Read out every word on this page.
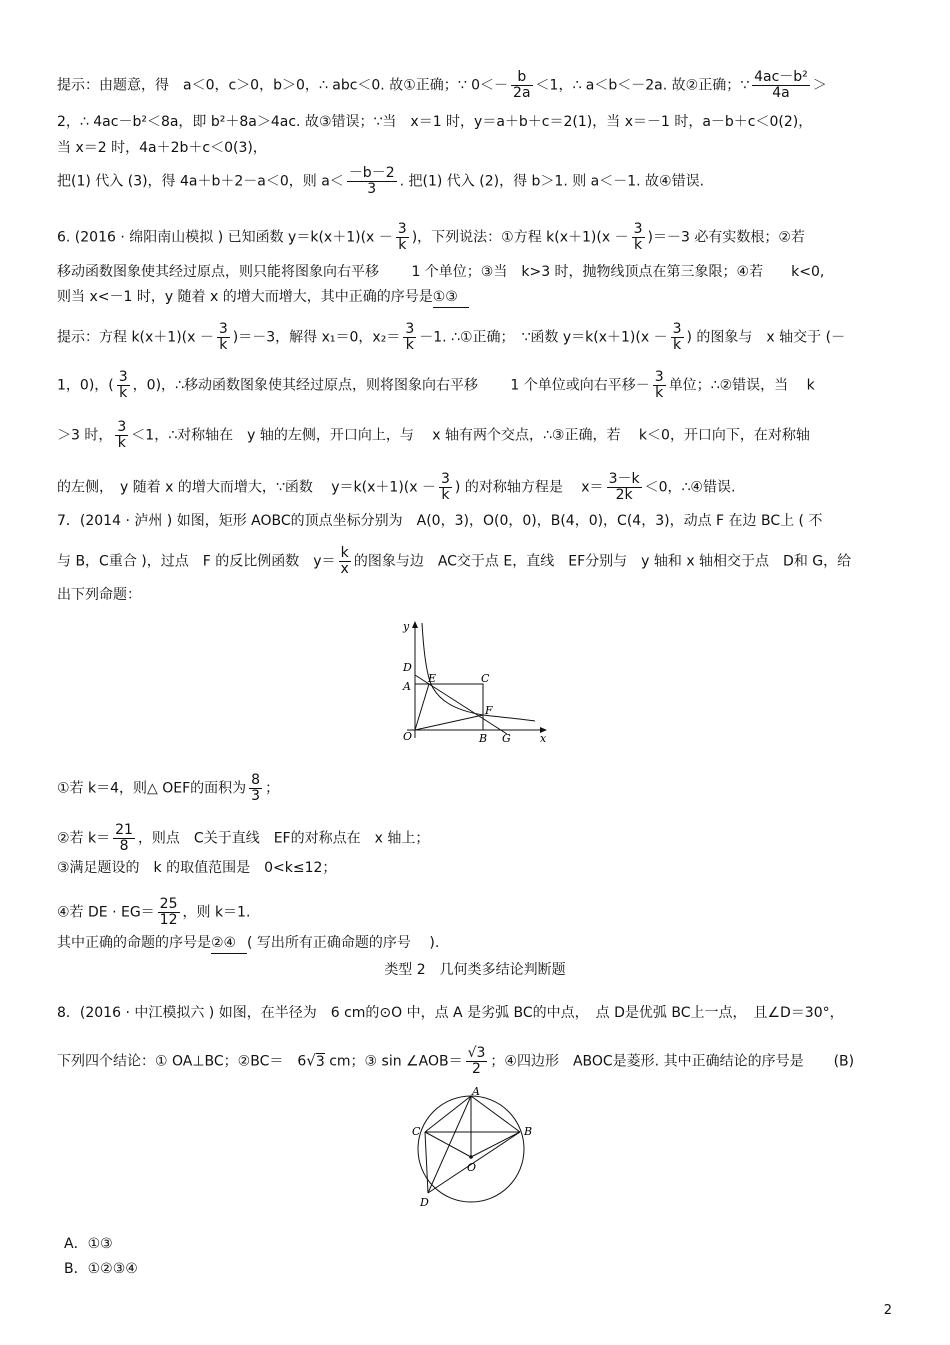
提示：由题意，得　a＜0，c＞0，b＞0，∴ abc＜0. 故①正确；∵ $0<- \frac{b}{2a} <1$，∴ a＜b＜－2a. 故②正确；∵ $\frac{\text{4ac－b²}}{4a}$ ＞
2，∴ 4ac－b²＜8a，即 b²＋8a＞4ac. 故③错误；∵当　x＝1 时，y＝a＋b＋c＝2(1)，当 x＝－1 时，a－b＋c＜0(2)，
当 x＝2 时，4a＋2b＋c＜0(3)，
把(1) 代入 (3)，得 4a＋b＋2－a＜0，则 $a< \frac{-b-2}{3}$ . 把(1) 代入 (2)，得 b＞1. 则 a＜－1. 故④错误.
6. (2016 · 绵阳南山模拟 ) 已知函数 $y=k(x+1)(x - \frac{3}{k}$ )，下列说法：①方程 $k(x+1)(x - \frac{3}{k} )=-3$ 必有实数根；②若
移动函数图象使其经过原点，则只能将图象向右平移　　 1 个单位；③当　k>3 时，抛物线顶点在第三象限；④若　　k<0,
则当 x<－1 时，y 随着 x 的增大而增大，其中正确的序号是①③
提示：方程 $k(x+1)(x - \frac{3}{k} )=-3$，解得 x₁＝0，$x_2= \frac{3}{k} -1$. ∴①正确；　∵函数 $y=k(x+1)(x - \frac{3}{k}$ ) 的图象与　x 轴交于 (－
1，0)，( $\frac{3}{k}$ ，0)，∴移动函数图象使其经过原点，则将图象向右平移　　 1 个单位或向右平移－ $\frac{3}{k}$ 单位；∴②错误，当　 k
＞3 时， $\frac{3}{k} <1$，∴对称轴在　y 轴的左侧，开口向上，与　 x 轴有两个交点，∴③正确，若　 k＜0，开口向下，在对称轴
的左侧，　y 随着 x 的增大而增大，∵函数　 $y=k(x+1)(x - \frac{3}{k}$ ) 的对称轴方程是　 $x= \frac{3-k}{2k} <0$，∴④错误.
7．(2014 · 泸州 ) 如图，矩形 AOBC的顶点坐标分别为　A(0，3)，O(0，0)，B(4，0)，C(4，3)，动点 F 在边 BC上 ( 不
与 B，C重合 )，过点　F 的反比例函数　$y= \frac{k}{x}$ 的图象与边　AC交于点 E，直线　EF分别与　y 轴和 x 轴相交于点　D和 G，给
出下列命题：
y
D
A
E	C
F
O	B G	x
①若 k＝4，则△ OEF的面积为 $\frac{8}{3}$ ；
②若 $k= \frac{21}{8}$ ，则点　C关于直线　EF的对称点在　x 轴上；
③满足题设的　k 的取值范围是　0<k≤12；
④若 DE · $EG= \frac{25}{12}$ ，则 k＝1.
其中正确的命题的序号是②④ ( 写出所有正确命题的序号　 ).
类型 2　几何类多结论判断题
8．(2016 · 中江模拟六 ) 如图，在半径为　6 cm的⊙O 中，点 A 是劣弧 BC的中点，　点 D是优弧 BC上一点，　且∠D＝30°，
下列四个结论：① OA⊥BC；②BC＝　6√3 cm；③ sin ∠AOB＝ $\frac{√3}{2}$ ；④四边形　ABOC是菱形. 其中正确结论的序号是 (B)
A
C	B
O
D
A．①③
B．①②③④
2
